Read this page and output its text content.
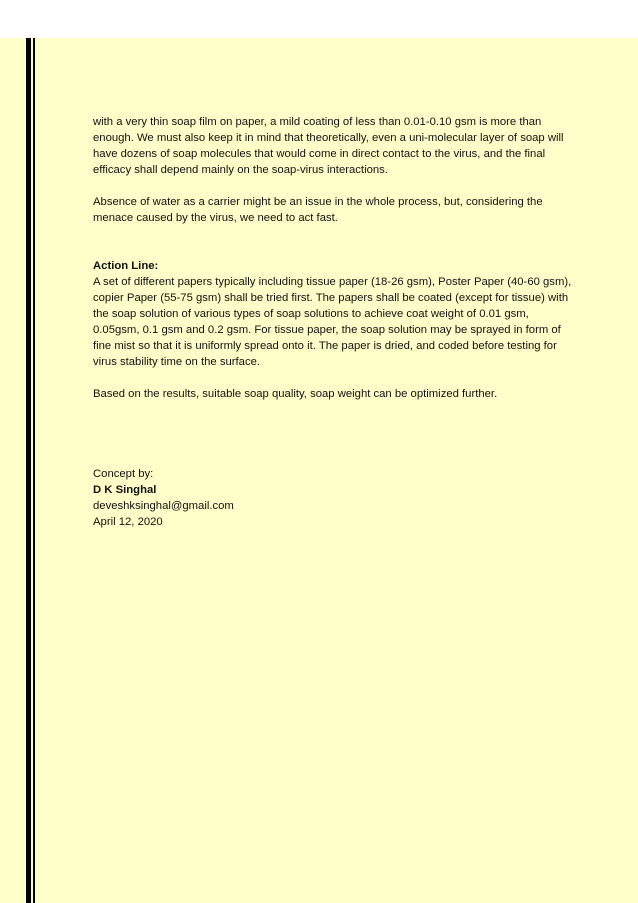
with a very thin soap film on paper, a mild coating of less than 0.01-0.10 gsm is more than enough. We must also keep it in mind that theoretically, even a uni-molecular layer of soap will have dozens of soap molecules that would come in direct contact to the virus, and the final efficacy shall depend mainly on the soap-virus interactions.

Absence of water as a carrier might be an issue in the whole process, but, considering the menace caused by the virus, we need to act fast.

Action Line:

A set of different papers typically including tissue paper (18-26 gsm), Poster Paper (40-60 gsm), copier Paper (55-75 gsm) shall be tried first. The papers shall be coated (except for tissue) with the soap solution of various types of soap solutions to achieve coat weight of 0.01 gsm, 0.05gsm, 0.1 gsm and 0.2 gsm. For tissue paper, the soap solution may be sprayed in form of fine mist so that it is uniformly spread onto it. The paper is dried, and coded before testing for virus stability time on the surface.

Based on the results, suitable soap quality, soap weight can be optimized further.

Concept by:

D K Singhal

deveshksinghal@gmail.com

April 12, 2020
